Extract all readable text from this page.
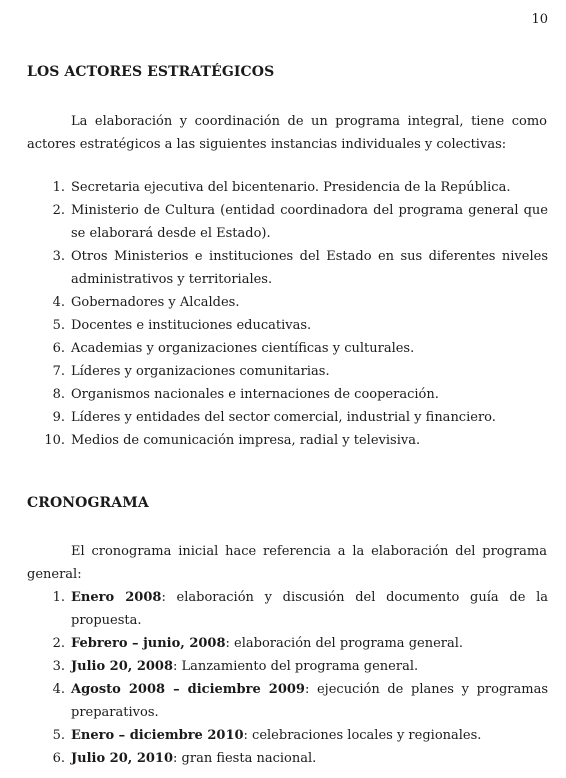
10
LOS ACTORES ESTRATÉGICOS
La elaboración y coordinación de un programa integral, tiene como actores estratégicos a las siguientes instancias individuales y colectivas:
1. Secretaria ejecutiva del bicentenario. Presidencia de la República.
2. Ministerio de Cultura (entidad coordinadora del programa general que se elaborará desde el Estado).
3. Otros Ministerios e instituciones del Estado en sus diferentes niveles administrativos y territoriales.
4. Gobernadores y Alcaldes.
5. Docentes e instituciones educativas.
6. Academias y organizaciones científicas y culturales.
7. Líderes y organizaciones comunitarias.
8. Organismos nacionales e internaciones de cooperación.
9. Líderes y entidades del sector comercial, industrial y financiero.
10. Medios de comunicación impresa, radial y televisiva.
CRONOGRAMA
El cronograma inicial hace referencia a la elaboración del programa general:
1. Enero 2008: elaboración y discusión del documento guía de la propuesta.
2. Febrero – junio, 2008: elaboración del programa general.
3. Julio 20, 2008: Lanzamiento del programa general.
4. Agosto 2008 – diciembre 2009: ejecución de planes y programas preparativos.
5. Enero – diciembre 2010: celebraciones locales y regionales.
6. Julio 20, 2010: gran fiesta nacional.
